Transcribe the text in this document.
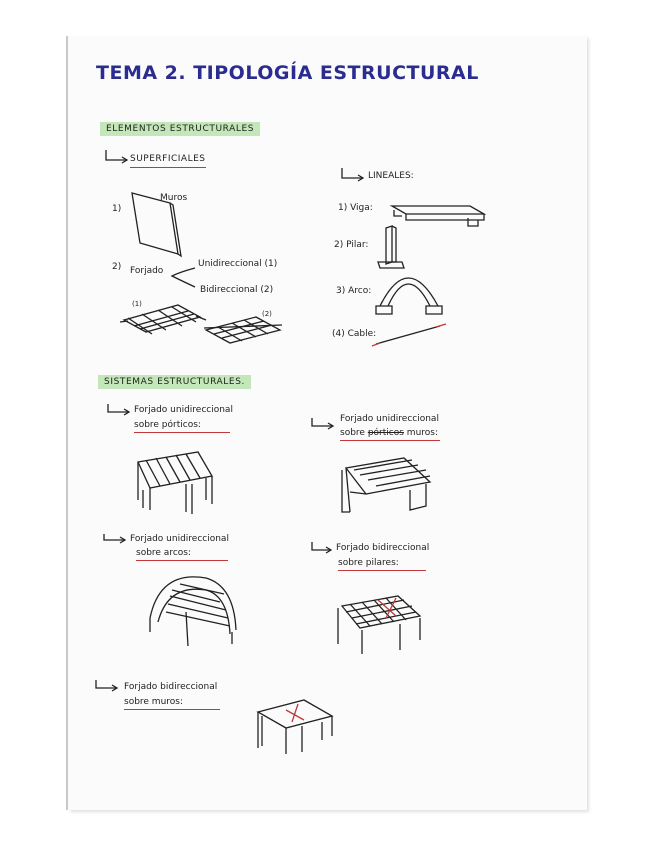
TEMA 2. TIPOLOGÍA ESTRUCTURAL
ELEMENTOS ESTRUCTURALES
SUPERFICIALES
1)
Muros
2) Forjado
Unidireccional (1)
Bidireccional (2)
(1)
(2)
LINEALES:
1) Viga:
2) Pilar:
3) Arco:
(4) Cable:
SISTEMAS ESTRUCTURALES.
Forjado unidireccional
sobre pórticos:
Forjado unidireccional
sobre pórticos muros:
Forjado unidireccional
sobre arcos:	Forjado bidireccional
sobre pilares:
Forjado bidireccional
sobre muros:
